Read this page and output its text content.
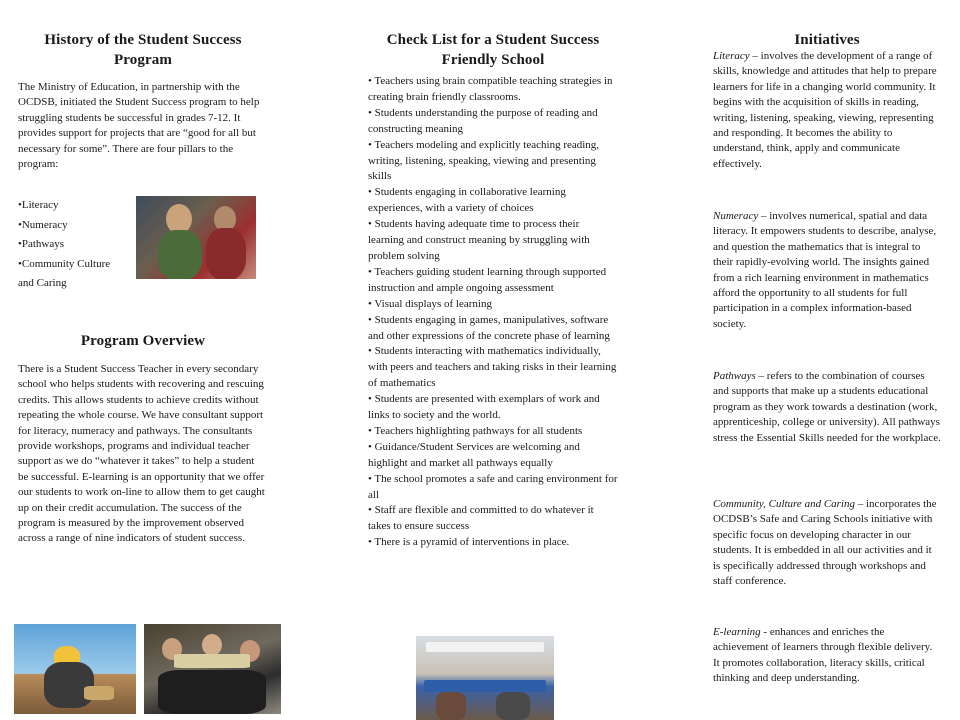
History of the Student Success Program

The Ministry of Education, in partnership with the OCDSB, initiated the Student Success program to help struggling students be successful in grades 7-12. It provides support for projects that are “good for all but necessary for some”. There are four pillars to the program:

•Literacy
•Numeracy
•Pathways
•Community Culture
and Caring
Program Overview

There is a Student Success Teacher in every secondary school who helps students with recovering and rescuing credits. This allows students to achieve credits without repeating the whole course. We have consultant support for literacy, numeracy and pathways. The consultants provide workshops, programs and individual teacher support as we do “whatever it takes” to help a student be successful. E-learning is an opportunity that we offer our students to work on-line to allow them to get caught up on their credit accumulation. The success of the program is measured by the improvement observed across a range of nine indicators of student success.

Check List for a Student Success Friendly School
• Teachers using brain compatible teaching strategies in creating brain friendly classrooms.
• Students understanding the purpose of reading and constructing meaning
• Teachers modeling and explicitly teaching reading, writing, listening, speaking, viewing and presenting skills
• Students engaging in collaborative learning experiences, with a variety of choices
• Students having adequate time to process their learning and construct meaning by struggling with problem solving
• Teachers guiding student learning through supported instruction and ample ongoing assessment
• Visual displays of learning
• Students engaging in games, manipulatives, software and other expressions of the concrete phase of learning
• Students interacting with mathematics individually, with peers and teachers and taking risks in their learning of mathematics
• Students are presented with exemplars of work and links to society and the world.
• Teachers highlighting pathways for all students
• Guidance/Student Services are welcoming and highlight and market all pathways equally
• The school promotes a safe and caring environment for all
• Staff are flexible and committed to do whatever it takes to ensure success
• There is a pyramid of interventions in place.
Initiatives

Literacy – involves the development of a range of skills, knowledge and attitudes that help to prepare learners for life in a changing world community. It begins with the acquisition of skills in reading, writing, listening, speaking, viewing, representing and responding. It becomes the ability to understand, think, apply and communicate effectively.

Numeracy – involves numerical, spatial and data literacy. It empowers students to describe, analyse, and question the mathematics that is integral to their rapidly-evolving world. The insights gained from a rich learning environment in mathematics afford the opportunity to all students for full participation in a complex information-based society.

Pathways – refers to the combination of courses and supports that make up a students educational program as they work towards a destination (work, apprenticeship, college or university). All pathways stress the Essential Skills needed for the workplace.

Community, Culture and Caring – incorporates the OCDSB’s Safe and Caring Schools initiative with specific focus on developing character in our students. It is embedded in all our activities and it is specifically addressed through workshops and staff conference.

E-learning - enhances and enriches the achievement of learners through flexible delivery. It promotes collaboration, literacy skills, critical thinking and deep understanding.
